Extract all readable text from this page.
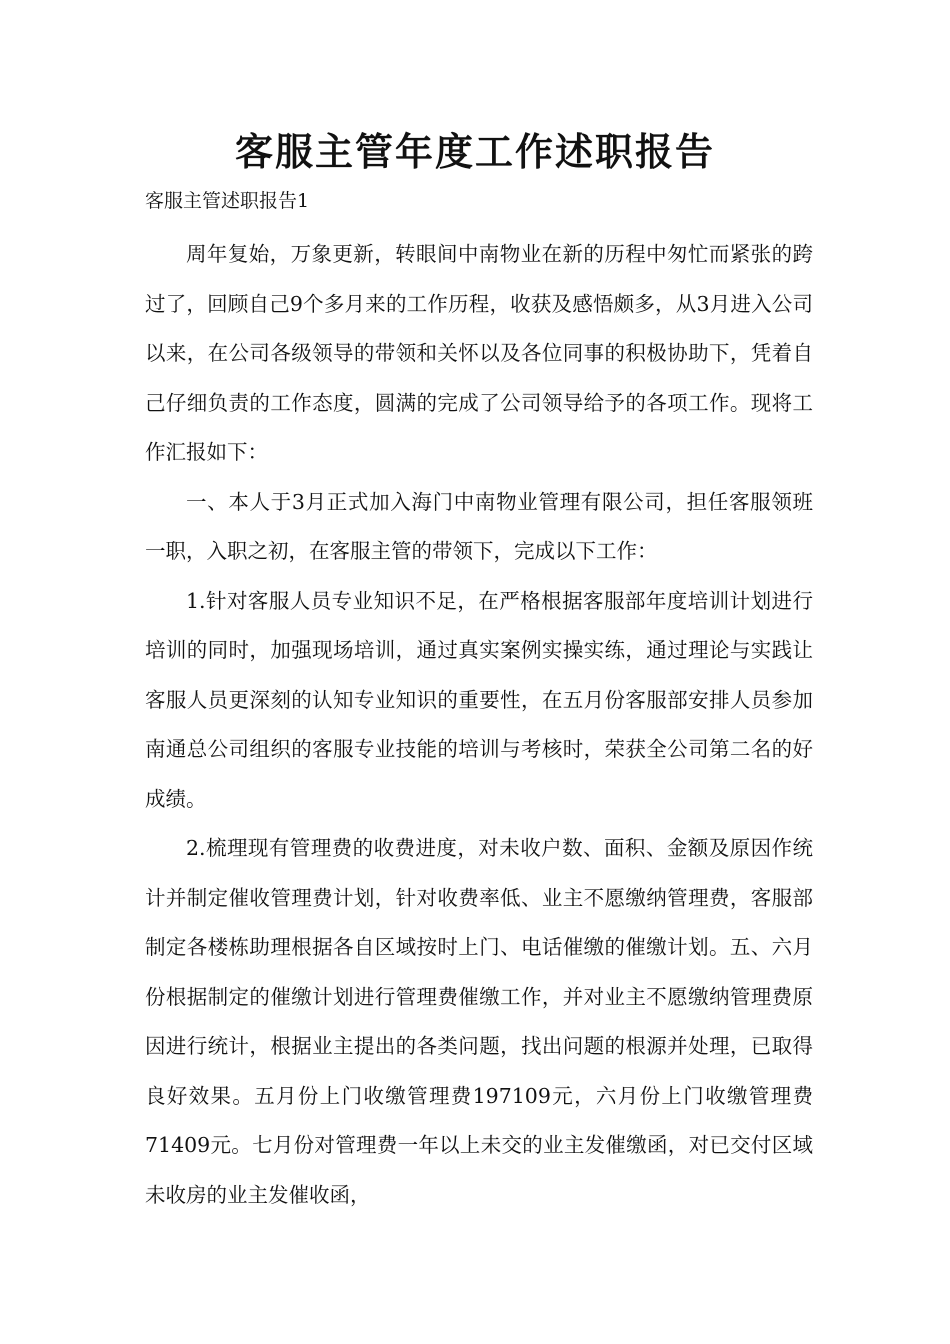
客服主管年度工作述职报告

客服主管述职报告1

周年复始，万象更新，转眼间中南物业在新的历程中匆忙而紧张的跨过了，回顾自己9个多月来的工作历程，收获及感悟颇多，从3月进入公司以来，在公司各级领导的带领和关怀以及各位同事的积极协助下，凭着自己仔细负责的工作态度，圆满的完成了公司领导给予的各项工作。现将工作汇报如下：

一、本人于3月正式加入海门中南物业管理有限公司，担任客服领班一职，入职之初，在客服主管的带领下，完成以下工作：

1.针对客服人员专业知识不足，在严格根据客服部年度培训计划进行培训的同时，加强现场培训，通过真实案例实操实练，通过理论与实践让客服人员更深刻的认知专业知识的重要性，在五月份客服部安排人员参加南通总公司组织的客服专业技能的培训与考核时，荣获全公司第二名的好成绩。

2.梳理现有管理费的收费进度，对未收户数、面积、金额及原因作统计并制定催收管理费计划，针对收费率低、业主不愿缴纳管理费，客服部制定各楼栋助理根据各自区域按时上门、电话催缴的催缴计划。五、六月份根据制定的催缴计划进行管理费催缴工作，并对业主不愿缴纳管理费原因进行统计，根据业主提出的各类问题，找出问题的根源并处理，已取得良好效果。五月份上门收缴管理费197109元，六月份上门收缴管理费71409元。七月份对管理费一年以上未交的业主发催缴函，对已交付区域未收房的业主发催收函，
